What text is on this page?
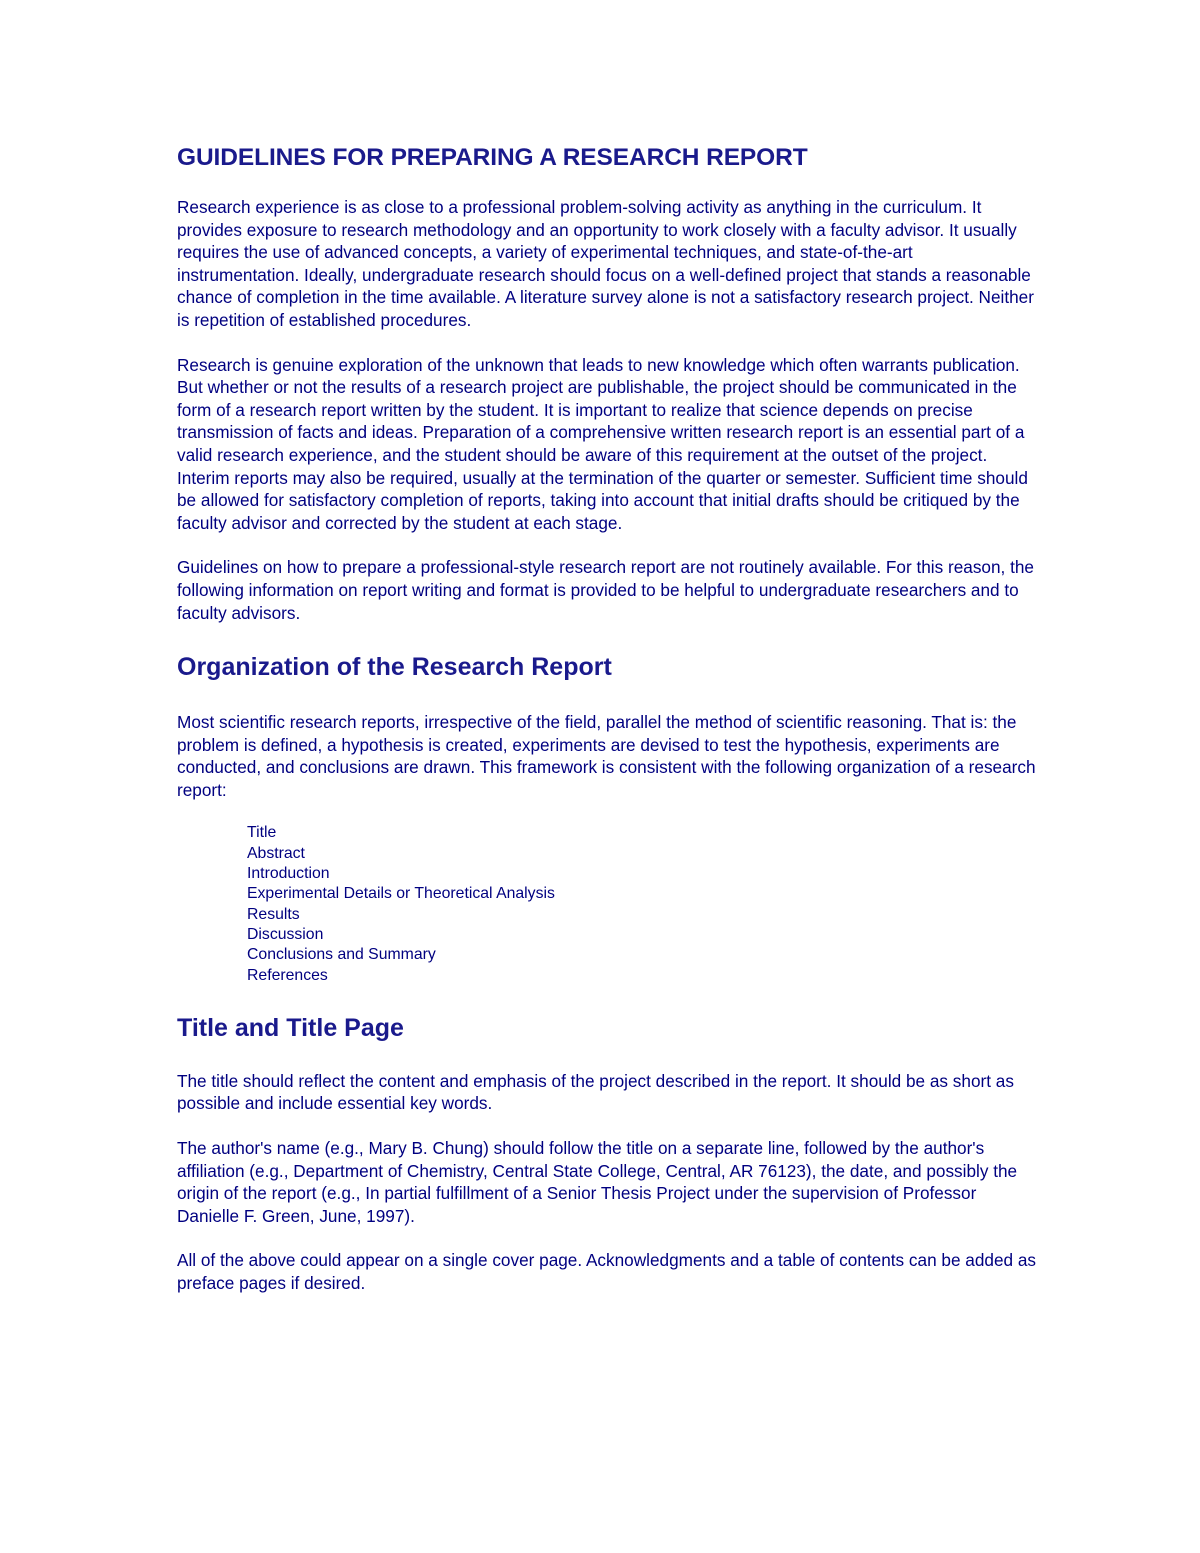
GUIDELINES FOR PREPARING A RESEARCH REPORT

Research experience is as close to a professional problem-solving activity as anything in the curriculum. It provides exposure to research methodology and an opportunity to work closely with a faculty advisor. It usually requires the use of advanced concepts, a variety of experimental techniques, and state-of-the-art instrumentation. Ideally, undergraduate research should focus on a well-defined project that stands a reasonable chance of completion in the time available. A literature survey alone is not a satisfactory research project. Neither is repetition of established procedures.

Research is genuine exploration of the unknown that leads to new knowledge which often warrants publication. But whether or not the results of a research project are publishable, the project should be communicated in the form of a research report written by the student. It is important to realize that science depends on precise transmission of facts and ideas. Preparation of a comprehensive written research report is an essential part of a valid research experience, and the student should be aware of this requirement at the outset of the project. Interim reports may also be required, usually at the termination of the quarter or semester. Sufficient time should be allowed for satisfactory completion of reports, taking into account that initial drafts should be critiqued by the faculty advisor and corrected by the student at each stage.

Guidelines on how to prepare a professional-style research report are not routinely available. For this reason, the following information on report writing and format is provided to be helpful to undergraduate researchers and to faculty advisors.

Organization of the Research Report

Most scientific research reports, irrespective of the field, parallel the method of scientific reasoning. That is: the problem is defined, a hypothesis is created, experiments are devised to test the hypothesis, experiments are conducted, and conclusions are drawn. This framework is consistent with the following organization of a research report:

Title
Abstract
Introduction
Experimental Details or Theoretical Analysis
Results
Discussion
Conclusions and Summary
References
Title and Title Page

The title should reflect the content and emphasis of the project described in the report. It should be as short as possible and include essential key words.

The author's name (e.g., Mary B. Chung) should follow the title on a separate line, followed by the author's affiliation (e.g., Department of Chemistry, Central State College, Central, AR 76123), the date, and possibly the origin of the report (e.g., In partial fulfillment of a Senior Thesis Project under the supervision of Professor Danielle F. Green, June, 1997).

All of the above could appear on a single cover page. Acknowledgments and a table of contents can be added as preface pages if desired.
